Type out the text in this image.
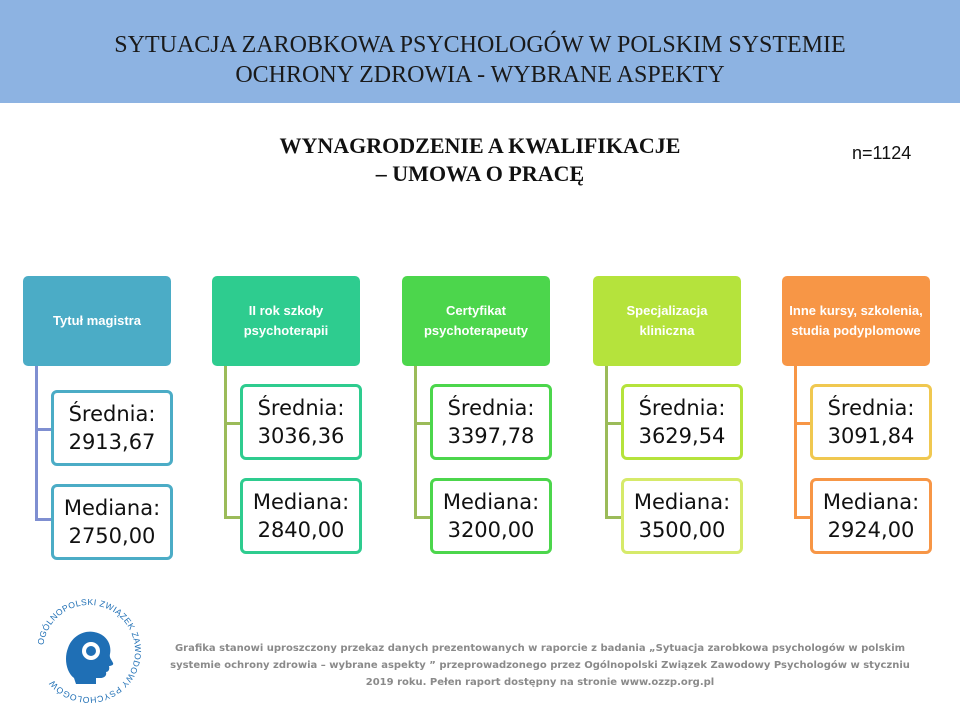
SYTUACJA ZAROBKOWA PSYCHOLOGÓW W POLSKIM SYSTEMIE
OCHRONY ZDROWIA - WYBRANE ASPEKTY
WYNAGRODZENIE A KWALIFIKACJE
– UMOWA O PRACĘ
n=1124
Tytuł magistra
Średnia:
2913,67
Mediana:
2750,00
II rok szkoły psychoterapii
Średnia:
3036,36
Mediana:
2840,00
Certyfikat psychoterapeuty
Średnia:
3397,78
Mediana:
3200,00
Specjalizacja kliniczna
Średnia:
3629,54
Mediana:
3500,00
Inne kursy, szkolenia, studia podyplomowe
Średnia:
3091,84
Mediana:
2924,00
OGÓLNOPOLSKI ZWIĄZEK ZAWODOWY PSYCHOLOGÓW
Grafika stanowi uproszczony przekaz danych prezentowanych w raporcie z badania „Sytuacja zarobkowa psychologów w polskim
systemie ochrony zdrowia – wybrane aspekty ” przeprowadzonego przez Ogólnopolski Związek Zawodowy Psychologów w styczniu
2019 roku. Pełen raport dostępny na stronie www.ozzp.org.pl
